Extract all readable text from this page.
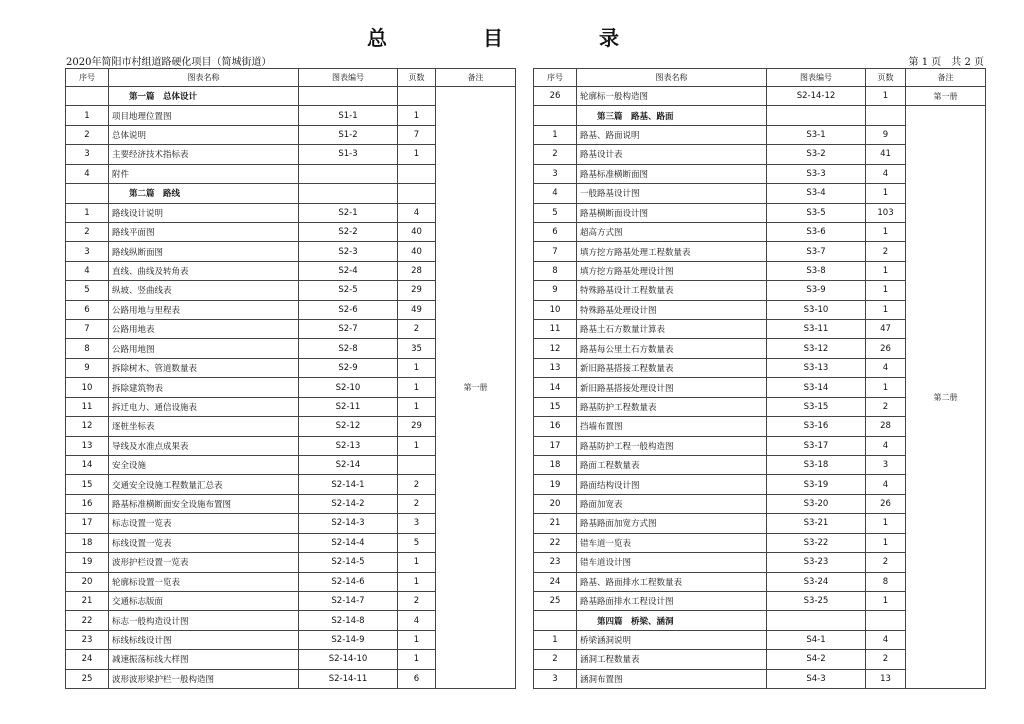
总　目　录
2020年简阳市村组道路硬化项目（简城街道）	第 1 页　共 2 页
序号	图表名称	图表编号	页数	备注
	第一篇　总体设计			第一册
1	项目地理位置图	S1-1	1	
2	总体说明	S1-2	7	
3	主要经济技术指标表	S1-3	1	
4	附件			
	第二篇　路线			
1	路线设计说明	S2-1	4	
2	路线平面图	S2-2	40	
3	路线纵断面图	S2-3	40	
4	直线、曲线及转角表	S2-4	28	
5	纵坡、竖曲线表	S2-5	29	
6	公路用地与里程表	S2-6	49	
7	公路用地表	S2-7	2	
8	公路用地图	S2-8	35	
9	拆除树木、管道数量表	S2-9	1	
10	拆除建筑物表	S2-10	1	
11	拆迁电力、通信设施表	S2-11	1	
12	逐桩坐标表	S2-12	29	
13	导线及水准点成果表	S2-13	1	
14	安全设施	S2-14		
15	交通安全设施工程数量汇总表	S2-14-1	2	
16	路基标准横断面安全设施布置图	S2-14-2	2	
17	标志设置一览表	S2-14-3	3	
18	标线设置一览表	S2-14-4	5	
19	波形护栏设置一览表	S2-14-5	1	
20	轮廓标设置一览表	S2-14-6	1	
21	交通标志版面	S2-14-7	2	
22	标志一般构造设计图	S2-14-8	4	
23	标线标线设计图	S2-14-9	1	
24	减速振荡标线大样图	S2-14-10	1	
25	波形波形梁护栏一般构造图	S2-14-11	6	
序号	图表名称	图表编号	页数	备注
26	轮廓标一般构造图	S2-14-12	1	第一册
	第三篇　路基、路面			第二册
1	路基、路面说明	S3-1	9	
2	路基设计表	S3-2	41	
3	路基标准横断面图	S3-3	4	
4	一般路基设计图	S3-4	1	
5	路基横断面设计图	S3-5	103	
6	超高方式图	S3-6	1	
7	填方挖方路基处理工程数量表	S3-7	2	
8	填方挖方路基处理设计图	S3-8	1	
9	特殊路基设计工程数量表	S3-9	1	
10	特殊路基处理设计图	S3-10	1	
11	路基土石方数量计算表	S3-11	47	
12	路基每公里土石方数量表	S3-12	26	
13	新旧路基搭接工程数量表	S3-13	4	
14	新旧路基搭接处理设计图	S3-14	1	
15	路基防护工程数量表	S3-15	2	
16	挡墙布置图	S3-16	28	
17	路基防护工程一般构造图	S3-17	4	
18	路面工程数量表	S3-18	3	
19	路面结构设计图	S3-19	4	
20	路面加宽表	S3-20	26	
21	路基路面加宽方式图	S3-21	1	
22	错车道一览表	S3-22	1	
23	错车道设计图	S3-23	2	
24	路基、路面排水工程数量表	S3-24	8	
25	路基路面排水工程设计图	S3-25	1	
	第四篇　桥梁、涵洞			
1	桥梁涵洞说明	S4-1	4	
2	涵洞工程数量表	S4-2	2	
3	涵洞布置图	S4-3	13	
